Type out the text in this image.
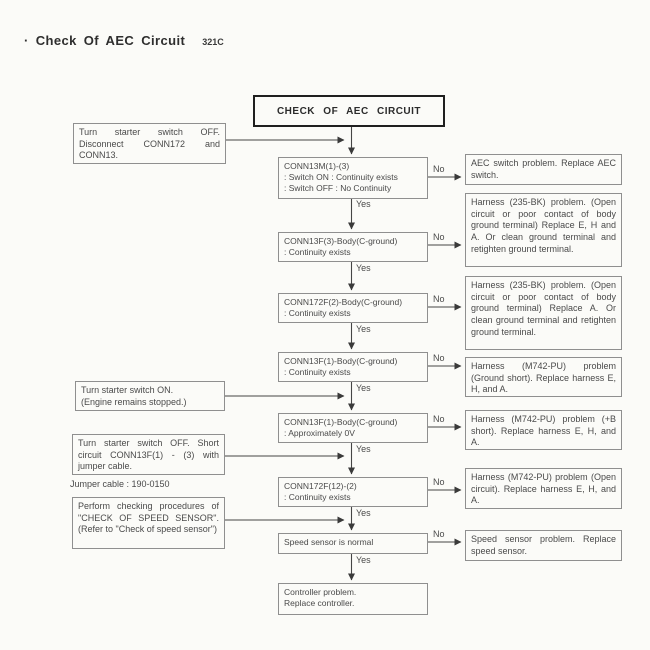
· Check Of AEC Circuit 321C
CHECK OF AEC CIRCUIT
CONN13M(1)-(3)
: Switch ON : Continuity exists
: Switch OFF : No Continuity
CONN13F(3)-Body(C-ground)
: Continuity exists
CONN172F(2)-Body(C-ground)
: Continuity exists
CONN13F(1)-Body(C-ground)
: Continuity exists
CONN13F(1)-Body(C-ground)
: Approximately 0V
CONN172F(12)-(2)
: Continuity exists
Speed sensor is normal
Controller problem.
Replace controller.
Turn starter switch OFF. Disconnect CONN172 and CONN13.
Turn starter switch ON.
(Engine remains stopped.)
Turn starter switch OFF. Short circuit CONN13F(1) - (3) with jumper cable.
Jumper cable : 190-0150
Perform checking procedures of "CHECK OF SPEED SENSOR". (Refer to "Check of speed sensor")
AEC switch problem. Replace AEC switch.
Harness (235-BK) problem. (Open circuit or poor contact of body ground terminal) Replace E, H and A. Or clean ground terminal and retighten ground terminal.
Harness (235-BK) problem. (Open circuit or poor contact of body ground terminal) Replace A. Or clean ground terminal and retighten ground terminal.
Harness (M742-PU) problem (Ground short). Replace harness E, H, and A.
Harness (M742-PU) problem (+B short). Replace harness E, H, and A.
Harness (M742-PU) problem (Open circuit). Replace harness E, H, and A.
Speed sensor problem. Replace speed sensor.
Yes
Yes
Yes
Yes
Yes
Yes
Yes
No
No
No
No
No
No
No
